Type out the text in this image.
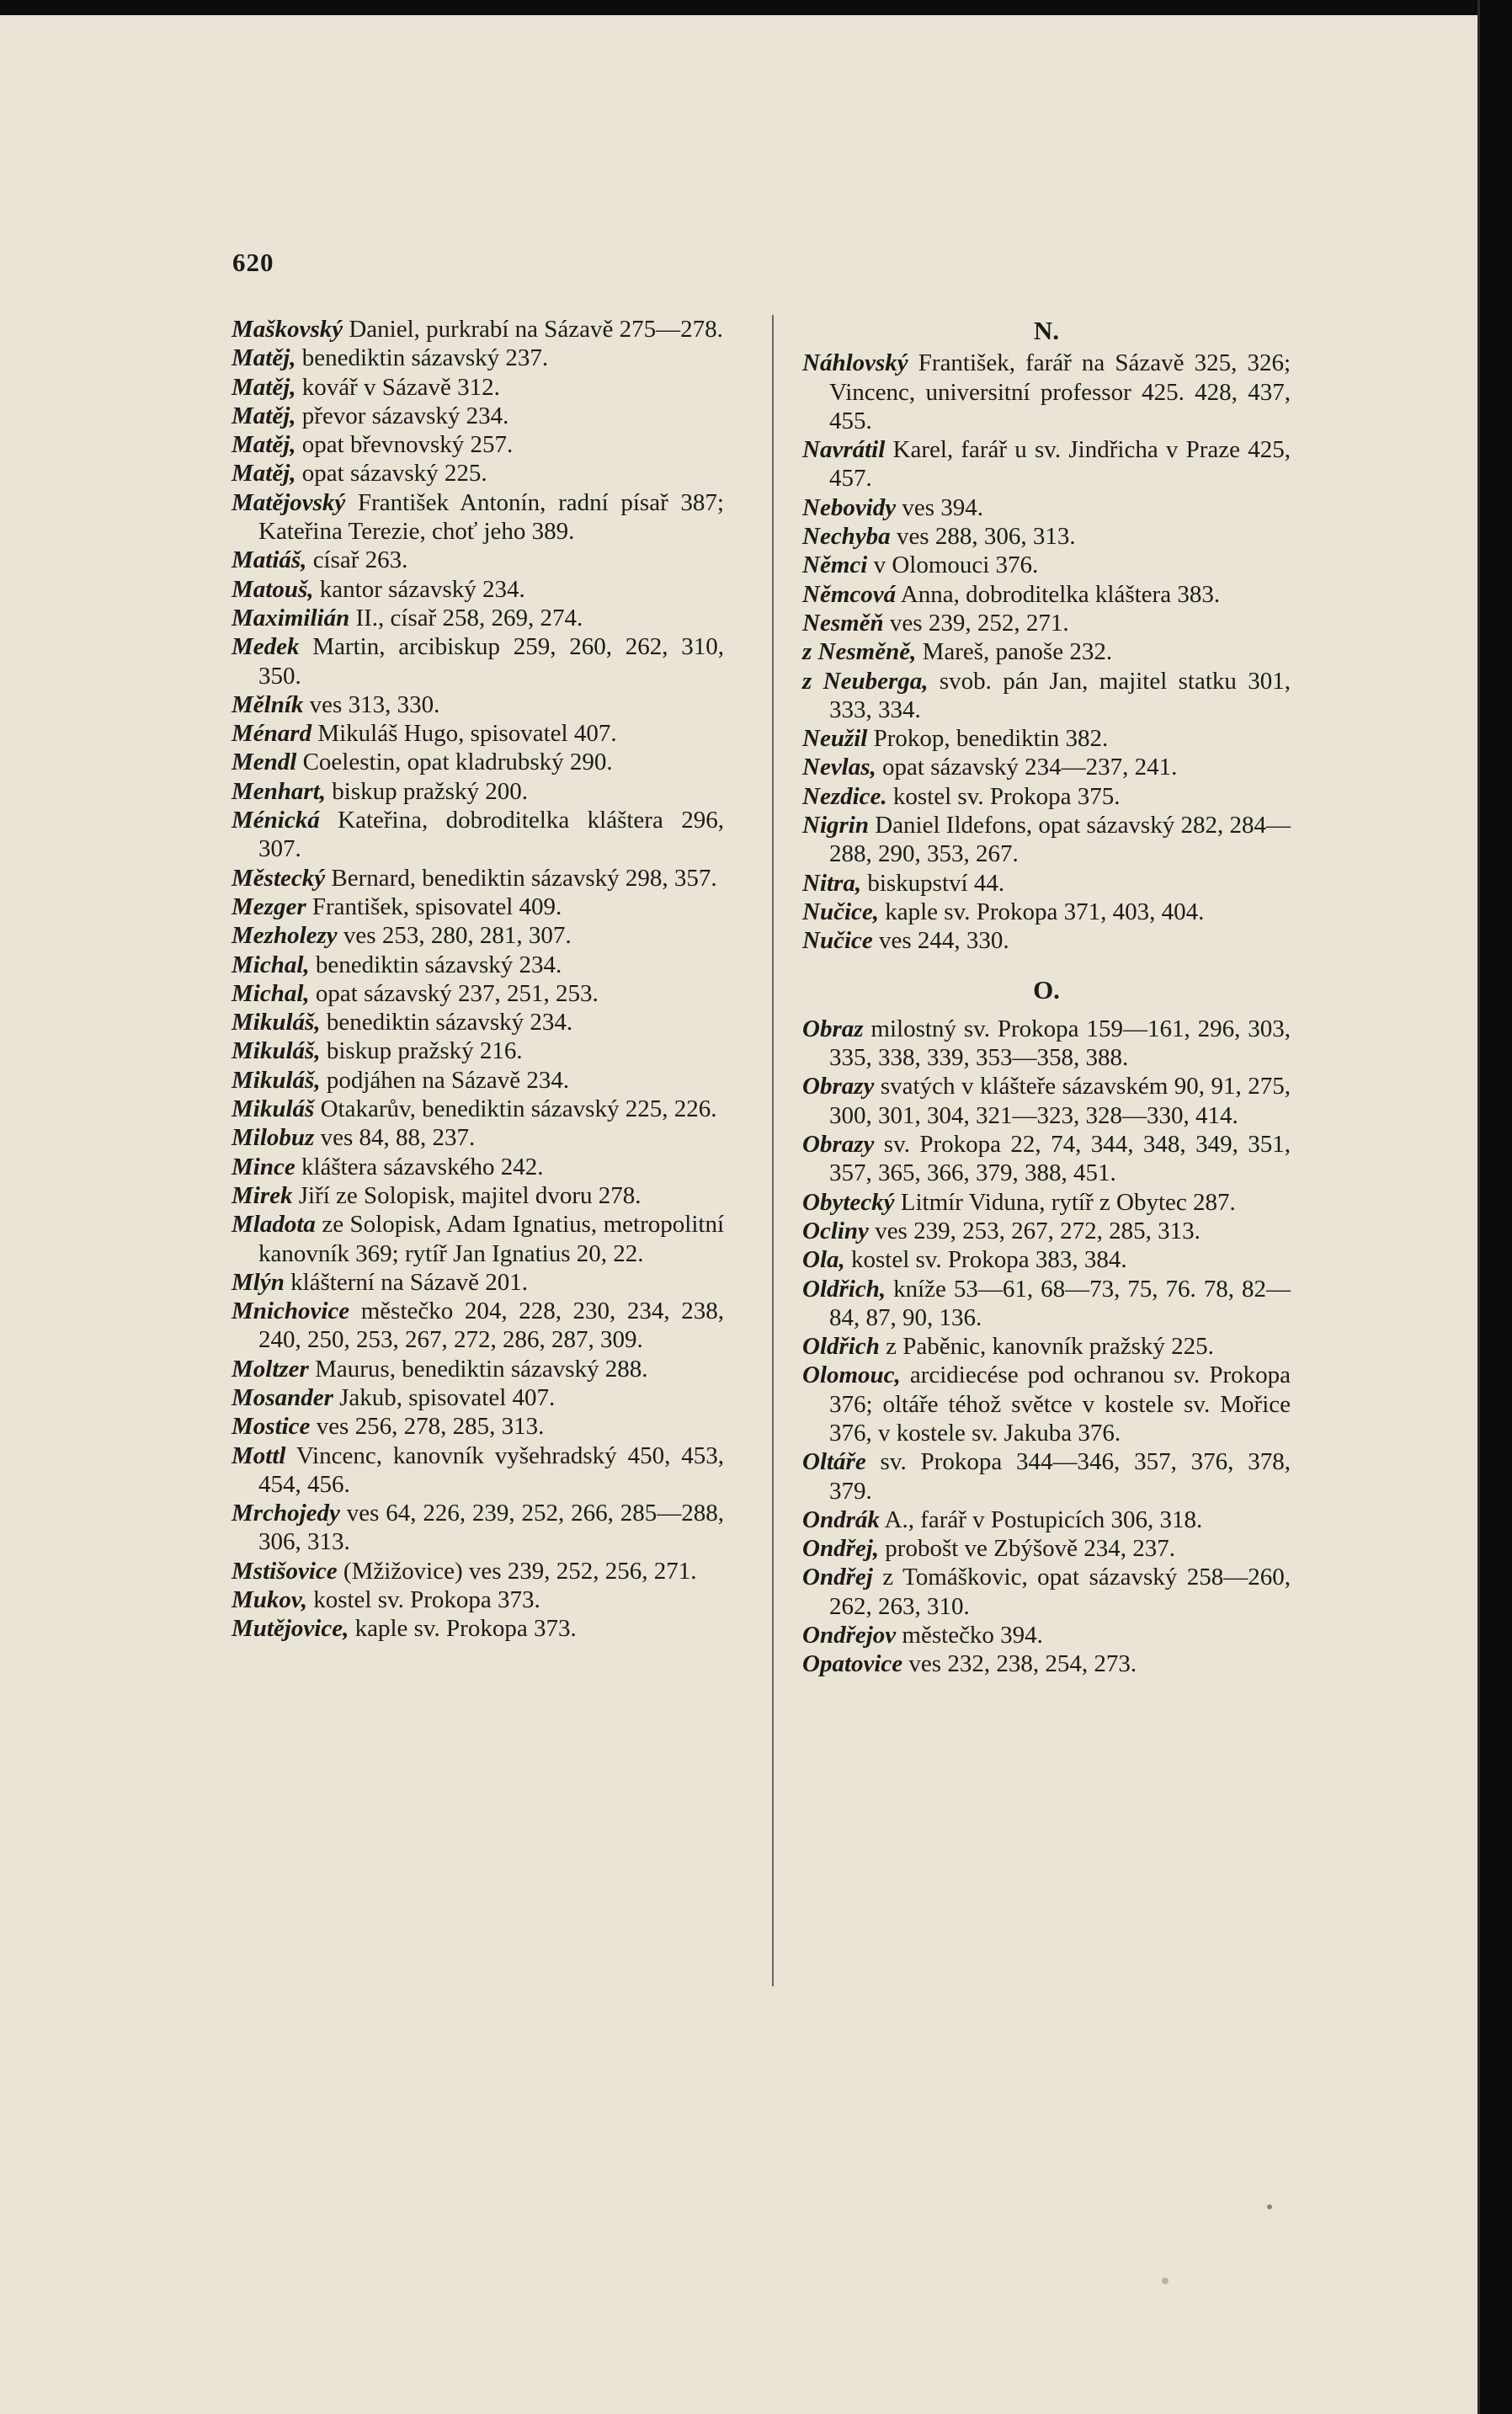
620

Maškovský Daniel, purkrabí na Sázavě 275—278.

Matěj, benediktin sázavský 237.

Matěj, kovář v Sázavě 312.

Matěj, převor sázavský 234.

Matěj, opat břevnovský 257.

Matěj, opat sázavský 225.

Matějovský František Antonín, radní písař 387; Kateřina Terezie, choť jeho 389.

Matiáš, císař 263.

Matouš, kantor sázavský 234.

Maximilián II., císař 258, 269, 274.

Medek Martin, arcibiskup 259, 260, 262, 310, 350.

Mělník ves 313, 330.

Ménard Mikuláš Hugo, spisovatel 407.

Mendl Coelestin, opat kladrubský 290.

Menhart, biskup pražský 200.

Ménická Kateřina, dobroditelka kláštera 296, 307.

Městecký Bernard, benediktin sázavský 298, 357.

Mezger František, spisovatel 409.

Mezholezy ves 253, 280, 281, 307.

Michal, benediktin sázavský 234.

Michal, opat sázavský 237, 251, 253.

Mikuláš, benediktin sázavský 234.

Mikuláš, biskup pražský 216.

Mikuláš, podjáhen na Sázavě 234.

Mikuláš Otakarův, benediktin sázavský 225, 226.

Milobuz ves 84, 88, 237.

Mince kláštera sázavského 242.

Mirek Jiří ze Solopisk, majitel dvoru 278.

Mladota ze Solopisk, Adam Ignatius, metropolitní kanovník 369; rytíř Jan Ignatius 20, 22.

Mlýn klášterní na Sázavě 201.

Mnichovice městečko 204, 228, 230, 234, 238, 240, 250, 253, 267, 272, 286, 287, 309.

Moltzer Maurus, benediktin sázavský 288.

Mosander Jakub, spisovatel 407.

Mostice ves 256, 278, 285, 313.

Mottl Vincenc, kanovník vyšehradský 450, 453, 454, 456.

Mrchojedy ves 64, 226, 239, 252, 266, 285—288, 306, 313.

Mstišovice (Mžižovice) ves 239, 252, 256, 271.

Mukov, kostel sv. Prokopa 373.

Mutějovice, kaple sv. Prokopa 373.

N.

Náhlovský František, farář na Sázavě 325, 326; Vincenc, universitní professor 425. 428, 437, 455.

Navrátil Karel, farář u sv. Jindřicha v Praze 425, 457.

Nebovidy ves 394.

Nechyba ves 288, 306, 313.

Němci v Olomouci 376.

Němcová Anna, dobroditelka kláštera 383.

Nesměň ves 239, 252, 271.

z Nesměně, Mareš, panoše 232.

z Neuberga, svob. pán Jan, majitel statku 301, 333, 334.

Neužil Prokop, benediktin 382.

Nevlas, opat sázavský 234—237, 241.

Nezdice. kostel sv. Prokopa 375.

Nigrin Daniel Ildefons, opat sázavský 282, 284—288, 290, 353, 267.

Nitra, biskupství 44.

Nučice, kaple sv. Prokopa 371, 403, 404.

Nučice ves 244, 330.

O.

Obraz milostný sv. Prokopa 159—161, 296, 303, 335, 338, 339, 353—358, 388.

Obrazy svatých v klášteře sázavském 90, 91, 275, 300, 301, 304, 321—323, 328—330, 414.

Obrazy sv. Prokopa 22, 74, 344, 348, 349, 351, 357, 365, 366, 379, 388, 451.

Obytecký Litmír Viduna, rytíř z Obytec 287.

Ocliny ves 239, 253, 267, 272, 285, 313.

Ola, kostel sv. Prokopa 383, 384.

Oldřich, kníže 53—61, 68—73, 75, 76. 78, 82—84, 87, 90, 136.

Oldřich z Paběnic, kanovník pražský 225.

Olomouc, arcidiecése pod ochranou sv. Prokopa 376; oltáře téhož světce v kostele sv. Mořice 376, v kostele sv. Jakuba 376.

Oltáře sv. Prokopa 344—346, 357, 376, 378, 379.

Ondrák A., farář v Postupicích 306, 318.

Ondřej, probošt ve Zbýšově 234, 237.

Ondřej z Tomáškovic, opat sázavský 258—260, 262, 263, 310.

Ondřejov městečko 394.

Opatovice ves 232, 238, 254, 273.
